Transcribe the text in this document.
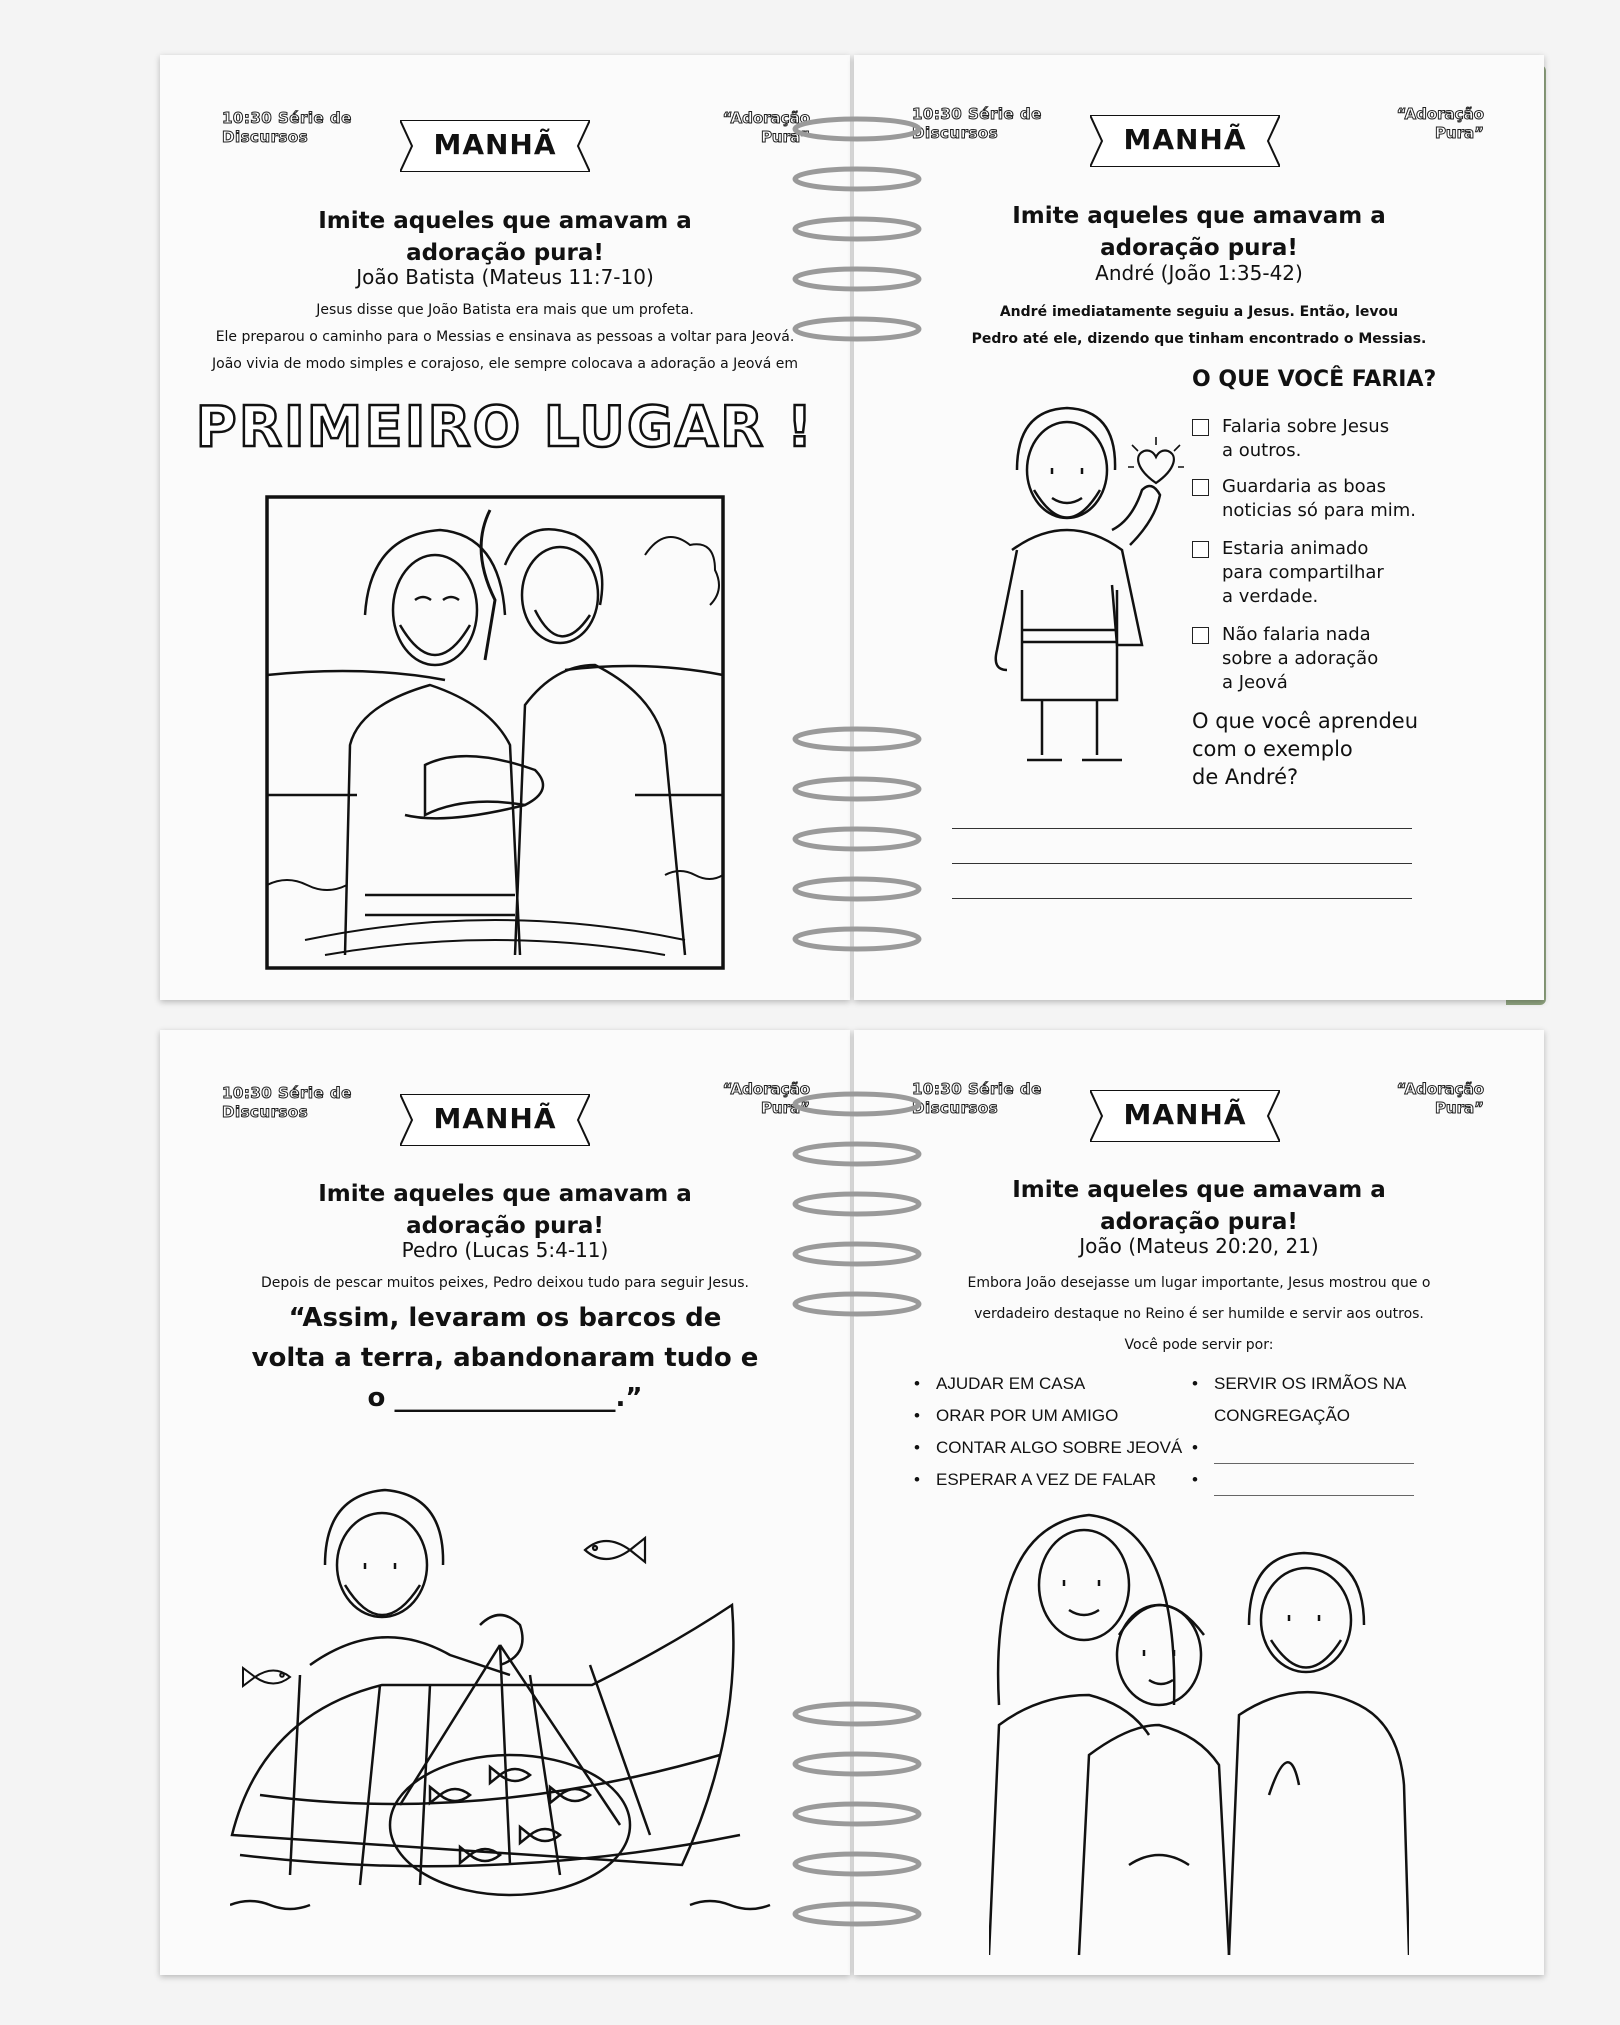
10:30 Série de
Discursos
“Adoração
Pura”
MANHÃ
Imite aqueles que amavam a
adoração pura!
João Batista (Mateus 11:7-10)
Jesus disse que João Batista era mais que um profeta.
Ele preparou o caminho para o Messias e ensinava as pessoas a voltar para Jeová.
João vivia de modo simples e corajoso, ele sempre colocava a adoração a Jeová em
PRIMEIRO LUGAR !
10:30 Série de
Discursos
“Adoração
Pura”
MANHÃ
Imite aqueles que amavam a
adoração pura!
André (João 1:35-42)
André imediatamente seguiu a Jesus. Então, levou
Pedro até ele, dizendo que tinham encontrado o Messias.
O QUE VOCÊ FARIA?
Falaria sobre Jesus
a outros.
Guardaria as boas
noticias só para mim.
Estaria animado
para compartilhar
a verdade.
Não falaria nada
sobre a adoração
a Jeová
O que você aprendeu
com o exemplo
de André?
10:30 Série de
Discursos
“Adoração
Pura”
MANHÃ
Imite aqueles que amavam a
adoração pura!
Pedro (Lucas 5:4-11)
Depois de pescar muitos peixes, Pedro deixou tudo para seguir Jesus.
“Assim, levaram os barcos de
volta a terra, abandonaram tudo e
o _________________.”
10:30 Série de
Discursos
“Adoração
Pura”
MANHÃ
Imite aqueles que amavam a
adoração pura!
João (Mateus 20:20, 21)
Embora João desejasse um lugar importante, Jesus mostrou que o
verdadeiro destaque no Reino é ser humilde e servir aos outros.
Você pode servir por:
• AJUDAR EM CASA
• ORAR POR UM AMIGO
• CONTAR ALGO SOBRE JEOVÁ
• ESPERAR A VEZ DE FALAR
• SERVIR OS IRMÃOS NA
CONGREGAÇÃO
•
•
